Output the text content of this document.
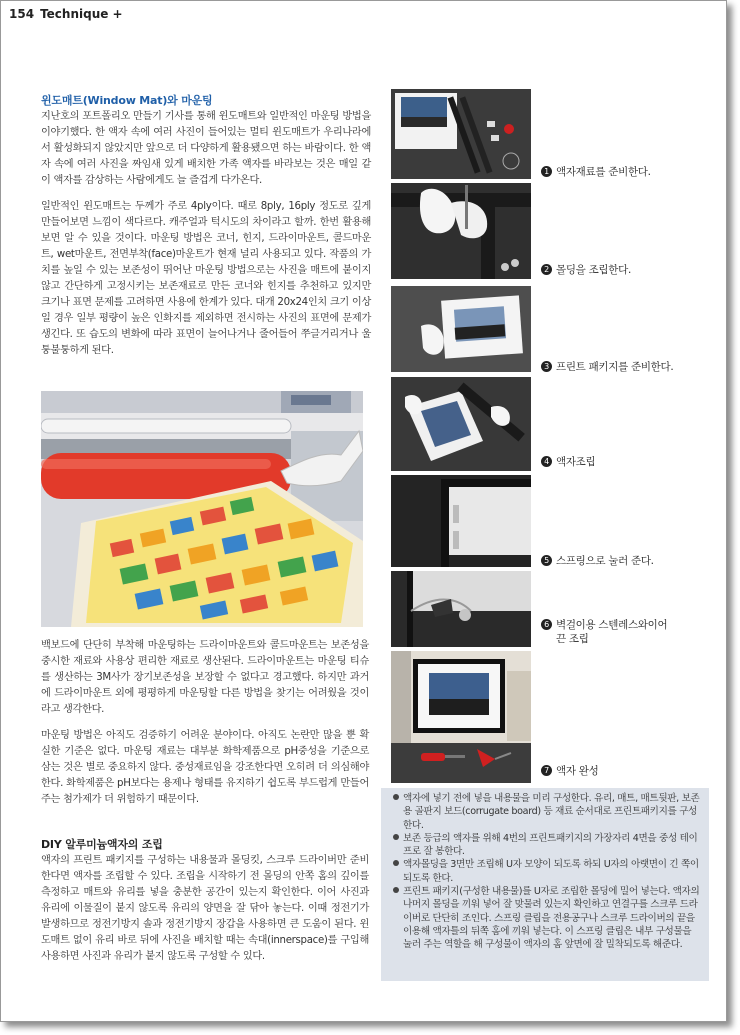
154 Technique +
윈도매트(Window Mat)와 마운팅

지난호의 포트폴리오 만들기 기사를 통해 윈도매트와 일반적인 마운팅 방법을 이야기했다. 한 액자 속에 여러 사진이 들어있는 멀티 윈도매트가 우리나라에서 활성화되지 않았지만 앞으로 더 다양하게 활용됐으면 하는 바람이다. 한 액자 속에 여러 사진을 짜임새 있게 배치한 가족 액자를 바라보는 것은 매일 같이 액자를 감상하는 사람에게도 늘 즐겁게 다가온다.

일반적인 윈도매트는 두께가 주로 4ply이다. 때로 8ply, 16ply 정도로 깊게 만들어보면 느낌이 색다르다. 캐주얼과 턱시도의 차이라고 할까. 한번 활용해 보면 알 수 있을 것이다. 마운팅 방법은 코너, 힌지, 드라이마운트, 콜드마운트, wet마운트, 전면부착(face)마운트가 현재 널리 사용되고 있다. 작품의 가치를 높일 수 있는 보존성이 뛰어난 마운팅 방법으로는 사진을 매트에 붙이지 않고 간단하게 고정시키는 보존재료로 만든 코너와 힌지를 추천하고 있지만 크기나 표면 문제를 고려하면 사용에 한계가 있다. 대개 20x24인치 크기 이상일 경우 일부 평량이 높은 인화지를 제외하면 전시하는 사진의 표면에 문제가 생긴다. 또 습도의 변화에 따라 표면이 늘어나거나 줄어들어 쭈글거리거나 울퉁불퉁하게 된다.

백보드에 단단히 부착해 마운팅하는 드라이마운트와 콜드마운트는 보존성을 중시한 재료와 사용상 편리한 재료로 생산된다. 드라이마운트는 마운팅 티슈를 생산하는 3M사가 장기보존성을 보장할 수 없다고 경고했다. 하지만 과거에 드라이마운트 외에 평평하게 마운팅할 다른 방법을 찾기는 어려웠을 것이라고 생각한다.

마운팅 방법은 아직도 검증하기 어려운 분야이다. 아직도 논란만 많을 뿐 확실한 기준은 없다. 마운팅 재료는 대부분 화학제품으로 pH중성을 기준으로 삼는 것은 별로 중요하지 않다. 중성재료임을 강조한다면 오히려 더 의심해야 한다. 화학제품은 pH보다는 용제나 형태를 유지하기 쉽도록 부드럽게 만들어 주는 첨가제가 더 위험하기 때문이다.

DIY 알루미늄액자의 조립

액자의 프린트 패키지를 구성하는 내용물과 몰딩킷, 스크루 드라이버만 준비한다면 액자를 조립할 수 있다. 조립을 시작하기 전 몰딩의 안쪽 홈의 깊이를 측정하고 매트와 유리를 넣을 충분한 공간이 있는지 확인한다. 이어 사진과 유리에 이물질이 붙지 않도록 유리의 양면을 잘 닦아 놓는다. 이때 정전기가 발생하므로 정전기방지 솔과 정전기방지 장갑을 사용하면 큰 도움이 된다. 윈도매트 없이 유리 바로 뒤에 사진을 배치할 때는 속대(innerspace)를 구입해 사용하면 사진과 유리가 붙지 않도록 구성할 수 있다.

1 액자재료를 준비한다.
2 몰딩을 조립한다.
3 프린트 패키지를 준비한다.
4 액자조립
5 스프링으로 눌러 준다.
6 벽걸이용 스텐레스와이어
끈 조립
7 액자 완성

액자에 넣기 전에 넣을 내용물을 미리 구성한다. 유리, 매트, 매트뒷판, 보존용 골판지 보드(corrugate board) 등 재료 순서대로 프린트패키지를 구성한다.

보존 등급의 액자를 위해 4번의 프린트패키지의 가장자리 4면을 중성 테이프로 잘 봉한다.

액자몰딩을 3면만 조립해 U자 모양이 되도록 하되 U자의 아랫면이 긴 쪽이 되도록 한다.

프린트 패키지(구성한 내용물)를 U자로 조립한 몰딩에 밀어 넣는다. 액자의 나머지 몰딩을 끼워 넣어 잘 맞물려 있는지 확인하고 연결구를 스크루 드라이버로 단단히 조인다. 스프링 클립을 전용공구나 스크루 드라이버의 끝을 이용해 액자틀의 뒤쪽 홈에 끼워 넣는다. 이 스프링 클립은 내부 구성물을 눌러 주는 역할을 해 구성물이 액자의 홈 앞면에 잘 밀착되도록 해준다.
